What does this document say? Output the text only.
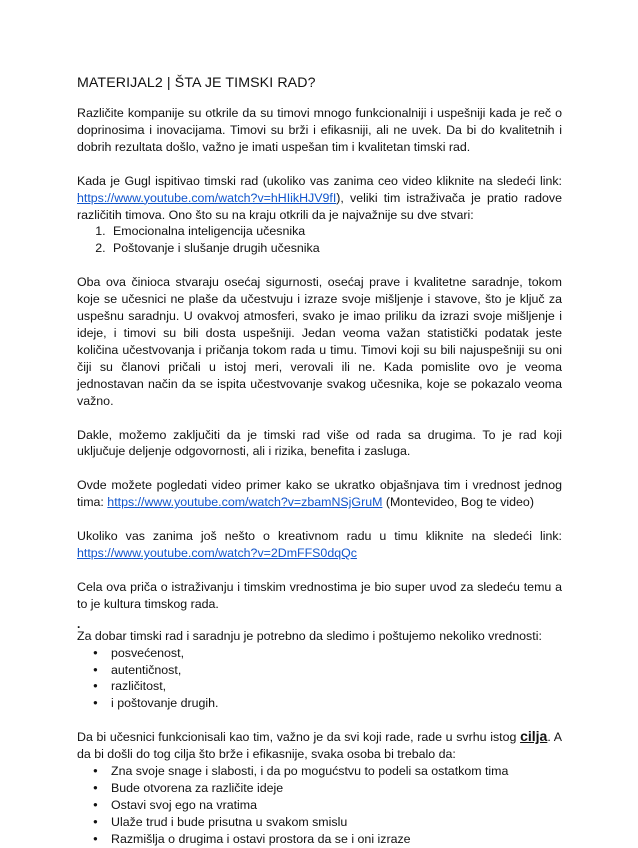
MATERIJAL2 | ŠTA JE TIMSKI RAD?

Različite kompanije su otkrile da su timovi mnogo funkcionalniji i uspešniji kada je reč o doprinosima i inovacijama. Timovi su brži i efikasniji, ali ne uvek. Da bi do kvalitetnih i dobrih rezultata došlo, važno je imati uspešan tim i kvalitetan timski rad.

Kada je Gugl ispitivao timski rad (ukoliko vas zanima ceo video kliknite na sledeći link: https://www.youtube.com/watch?v=hHIikHJV9fI), veliki tim istraživača je pratio radove različitih timova. Ono što su na kraju otkrili da je najvažnije su dve stvari:

1. Emocionalna inteligencija učesnika
2. Poštovanje i slušanje drugih učesnika

Oba ova činioca stvaraju osećaj sigurnosti, osećaj prave i kvalitetne saradnje, tokom koje se učesnici ne plaše da učestvuju i izraze svoje mišljenje i stavove, što je ključ za uspešnu saradnju. U ovakvoj atmosferi, svako je imao priliku da izrazi svoje mišljenje i ideje, i timovi su bili dosta uspešniji. Jedan veoma važan statistički podatak jeste količina učestvovanja i pričanja tokom rada u timu. Timovi koji su bili najuspešniji su oni čiji su članovi pričali u istoj meri, verovali ili ne. Kada pomislite ovo je veoma jednostavan način da se ispita učestvovanje svakog učesnika, koje se pokazalo veoma važno.

Dakle, možemo zaključiti da je timski rad više od rada sa drugima. To je rad koji uključuje deljenje odgovornosti, ali i rizika, benefita i zasluga.

Ovde možete pogledati video primer kako se ukratko objašnjava tim i vrednost jednog tima: https://www.youtube.com/watch?v=zbamNSjGruM (Montevideo, Bog te video)

Ukoliko vas zanima još nešto o kreativnom radu u timu kliknite na sledeći link: https://www.youtube.com/watch?v=2DmFFS0dqQc

Cela ova priča o istraživanju i timskim vrednostima je bio super uvod za sledeću temu a to je kultura timskog rada.

.

Za dobar timski rad i saradnju je potrebno da sledimo i poštujemo nekoliko vrednosti:

● posvećenost,
● autentičnost,
● različitost,
● i poštovanje drugih.

Da bi učesnici funkcionisali kao tim, važno je da svi koji rade, rade u svrhu istog cilja. A da bi došli do tog cilja što brže i efikasnije, svaka osoba bi trebalo da:

● Zna svoje snage i slabosti, i da po mogućstvu to podeli sa ostatkom tima
● Bude otvorena za različite ideje
● Ostavi svoj ego na vratima
● Ulaže trud i bude prisutna u svakom smislu
● Razmišlja o drugima i ostavi prostora da se i oni izraze
